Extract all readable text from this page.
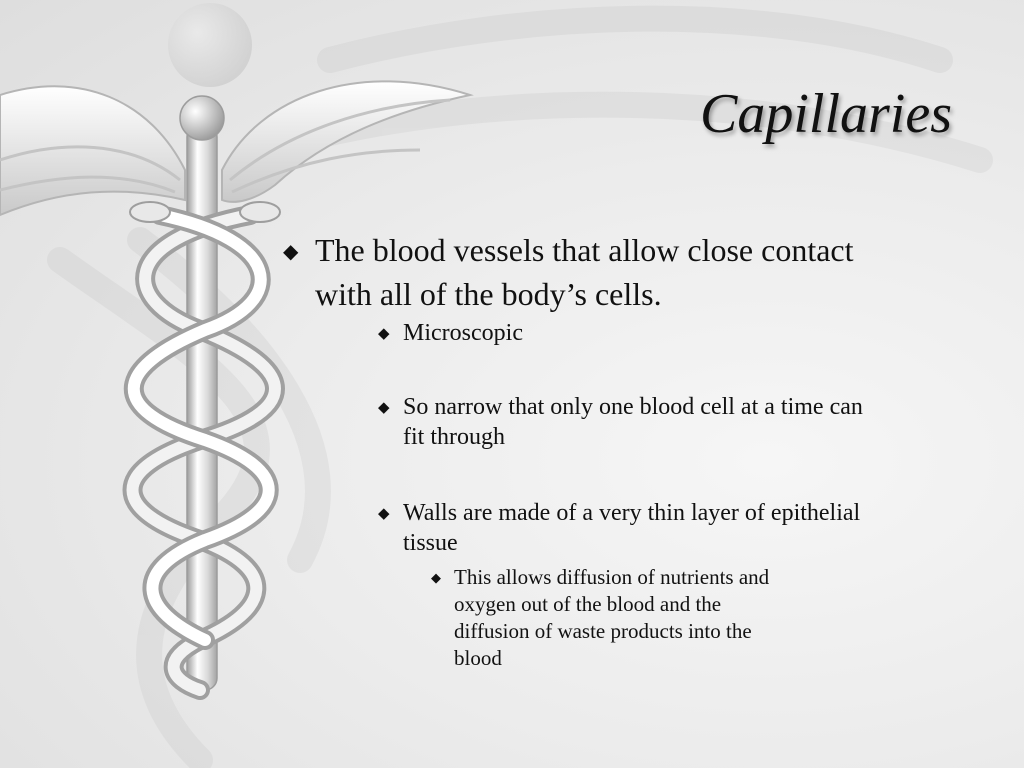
Capillaries
◆ The blood vessels that allow close contact with all of the body’s cells.
◆ Microscopic
◆ So narrow that only one blood cell at a time can fit through
◆ Walls are made of a very thin layer of epithelial tissue
◆ This allows diffusion of nutrients and oxygen out of the blood and the diffusion of waste products into the blood
